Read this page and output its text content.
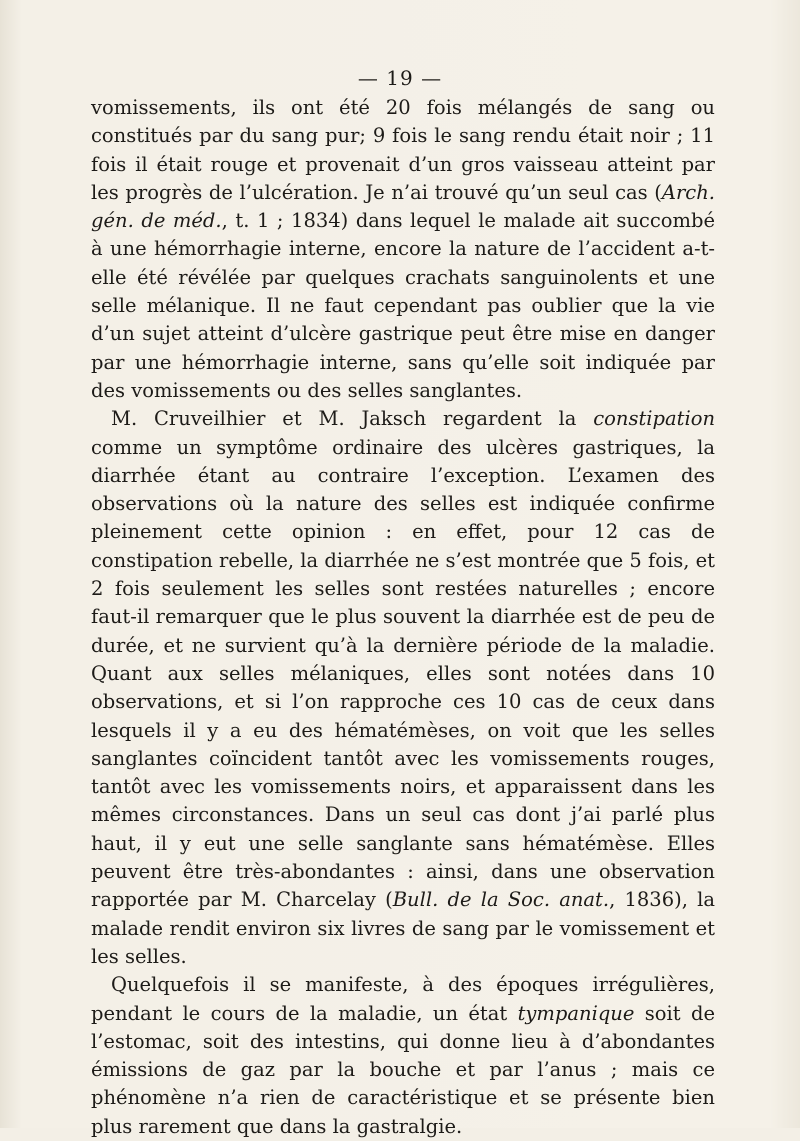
— 19 —

vomissements, ils ont été 20 fois mélangés de sang ou constitués par du sang pur; 9 fois le sang rendu était noir ; 11 fois il était rouge et provenait d’un gros vaisseau atteint par les progrès de l’ulcération. Je n’ai trouvé qu’un seul cas (Arch. gén. de méd., t. 1 ; 1834) dans lequel le malade ait succombé à une hémorrhagie interne, encore la nature de l’accident a-t-elle été révélée par quelques crachats sanguinolents et une selle mélanique. Il ne faut cependant pas oublier que la vie d’un sujet atteint d’ulcère gastrique peut être mise en danger par une hémorrhagie interne, sans qu’elle soit indiquée par des vomissements ou des selles sanglantes.

M. Cruveilhier et M. Jaksch regardent la constipation comme un symptôme ordinaire des ulcères gastriques, la diarrhée étant au contraire l’exception. L’examen des observations où la nature des selles est indiquée confirme pleinement cette opinion : en effet, pour 12 cas de constipation rebelle, la diarrhée ne s’est montrée que 5 fois, et 2 fois seulement les selles sont restées naturelles ; encore faut-il remarquer que le plus souvent la diarrhée est de peu de durée, et ne survient qu’à la dernière période de la maladie. Quant aux selles mélaniques, elles sont notées dans 10 observations, et si l’on rapproche ces 10 cas de ceux dans lesquels il y a eu des hématémèses, on voit que les selles sanglantes coïncident tantôt avec les vomissements rouges, tantôt avec les vomissements noirs, et apparaissent dans les mêmes circonstances. Dans un seul cas dont j’ai parlé plus haut, il y eut une selle sanglante sans hématémèse. Elles peuvent être très-abondantes : ainsi, dans une observation rapportée par M. Charcelay (Bull. de la Soc. anat., 1836), la malade rendit environ six livres de sang par le vomissement et les selles.

Quelquefois il se manifeste, à des époques irrégulières, pendant le cours de la maladie, un état tympanique soit de l’estomac, soit des intestins, qui donne lieu à d’abondantes émissions de gaz par la bouche et par l’anus ; mais ce phénomène n’a rien de caractéristique et se présente bien plus rarement que dans la gastralgie.
